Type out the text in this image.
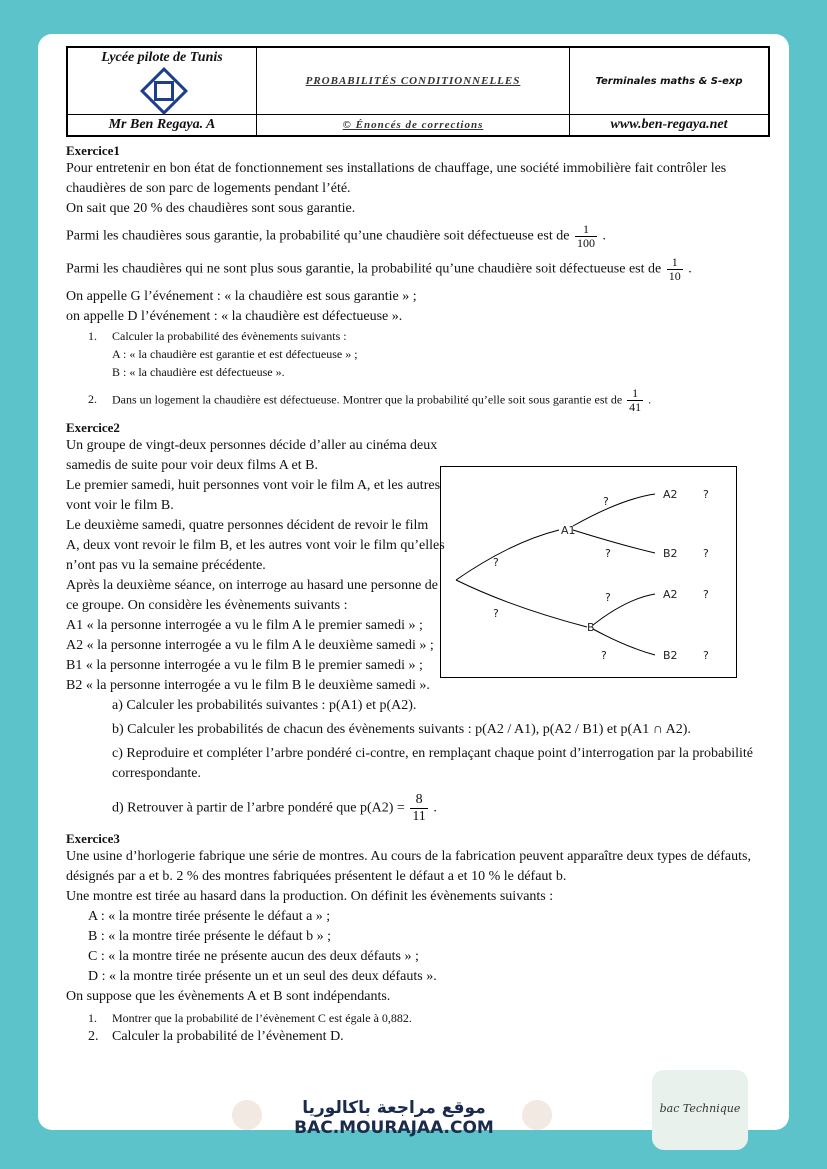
Lycée pilote de Tunis	PROBABILITÉS CONDITIONNELLES	Terminales maths & S-exp
Mr Ben Regaya. A	© Énoncés de corrections	www.ben-regaya.net
Exercice1

Pour entretenir en bon état de fonctionnement ses installations de chauffage, une société immobilière fait contrôler les chaudières de son parc de logements pendant l’été.

On sait que 20 % des chaudières sont sous garantie.

Parmi les chaudières sous garantie, la probabilité qu’une chaudière soit défectueuse est de $\frac{1}{100}$ .

Parmi les chaudières qui ne sont plus sous garantie, la probabilité qu’une chaudière soit défectueuse est de $\frac{1}{10}$ .

On appelle G l’événement : « la chaudière est sous garantie » ;

on appelle D l’événement : « la chaudière est défectueuse ».

1. Calculer la probabilité des évènements suivants :

A : « la chaudière est garantie et est défectueuse » ;

B : « la chaudière est défectueuse ».

2. Dans un logement la chaudière est défectueuse. Montrer que la probabilité qu’elle soit sous garantie est de $\frac{1}{41}$ .

Exercice2

Un groupe de vingt-deux personnes décide d’aller au cinéma deux

samedis de suite pour voir deux films A et B.

Le premier samedi, huit personnes vont voir le film A, et les autres

vont voir le film B.

Le deuxième samedi, quatre personnes décident de revoir le film

A, deux vont revoir le film B, et les autres vont voir le film qu’elles

n’ont pas vu la semaine précédente.

Après la deuxième séance, on interroge au hasard une personne de

ce groupe. On considère les évènements suivants :

A1 « la personne interrogée a vu le film A le premier samedi » ;

A2 « la personne interrogée a vu le film A le deuxième samedi » ;

B1 « la personne interrogée a vu le film B le premier samedi » ;

B2 « la personne interrogée a vu le film B le deuxième samedi ».

a) Calculer les probabilités suivantes : p(A1) et p(A2).

b) Calculer les probabilités de chacun des évènements suivants : p(A2 / A1), p(A2 / B1) et p(A1 ∩ A2).

c) Reproduire et compléter l’arbre pondéré ci-contre, en remplaçant chaque point d’interrogation par la probabilité correspondante.

d) Retrouver à partir de l’arbre pondéré que $p(A2) = \frac{8}{11}$ .

Exercice3

Une usine d’horlogerie fabrique une série de montres. Au cours de la fabrication peuvent apparaître deux types de défauts, désignés par a et b. 2 % des montres fabriquées présentent le défaut a et 10 % le défaut b.

Une montre est tirée au hasard dans la production. On définit les évènements suivants :

A : « la montre tirée présente le défaut a » ;

B : « la montre tirée présente le défaut b » ;

C : « la montre tirée ne présente aucun des deux défauts » ;

D : « la montre tirée présente un et un seul des deux défauts ».

On suppose que les évènements A et B sont indépendants.

1. Montrer que la probabilité de l’évènement C est égale à 0,882.

2. Calculer la probabilité de l’évènement D.

A1
B
A2
B2
A2
B2
?
?
?
?
?
?
?
?
?
?
موقع مراجعة باكالوريا
BAC.MOURAJAA.COM
bac Technique
